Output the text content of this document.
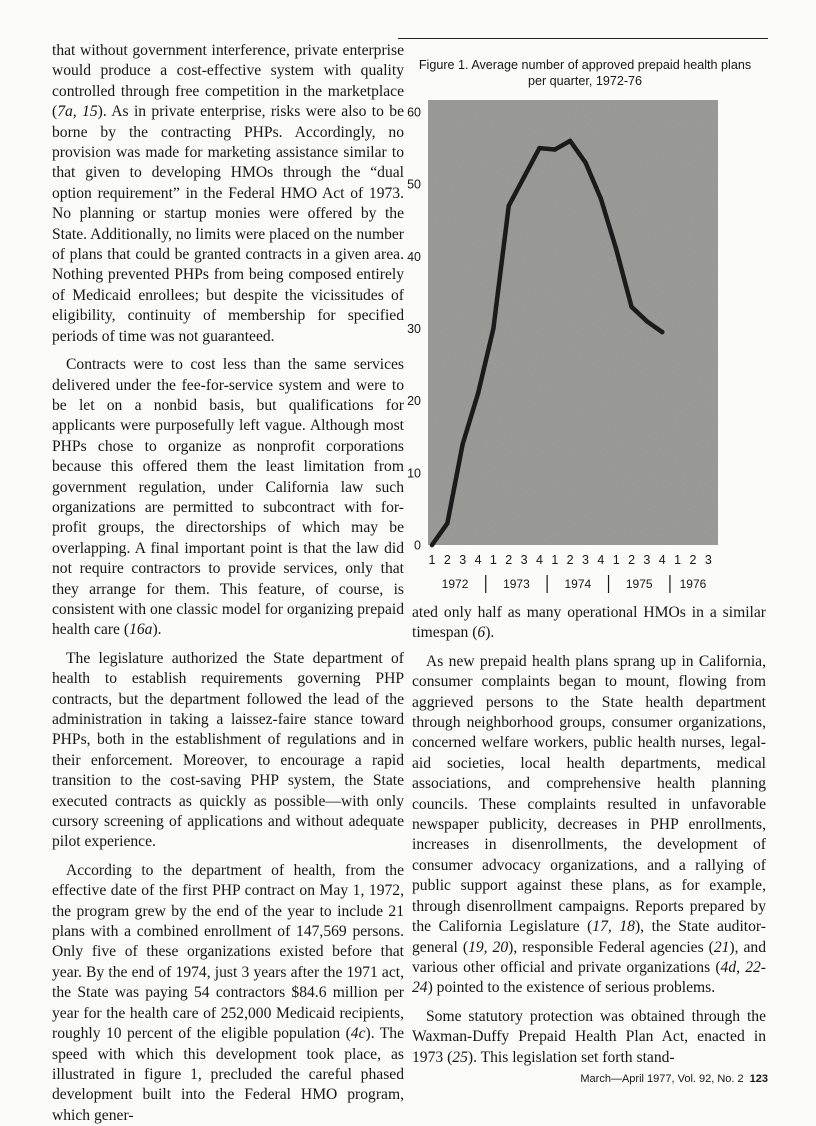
Figure 1. Average number of approved prepaid health plans
per quarter, 1972-76
0
10
20
30
40
50
60
1 2 3 4 1 2 3 4 1 2 3 4 1 2 3 4 1 2 3
1972	1973	1974	1975 1976

that without government interference, private enterprise would produce a cost-effective system with quality controlled through free competition in the marketplace (7a, 15). As in private enterprise, risks were also to be borne by the contracting PHPs. Accordingly, no provision was made for marketing assistance similar to that given to developing HMOs through the “dual option requirement” in the Federal HMO Act of 1973. No planning or startup monies were offered by the State. Additionally, no limits were placed on the number of plans that could be granted contracts in a given area. Nothing prevented PHPs from being composed entirely of Medicaid enrollees; but despite the vicissitudes of eligibility, continuity of membership for specified periods of time was not guaranteed.

Contracts were to cost less than the same services delivered under the fee-for-service system and were to be let on a nonbid basis, but qualifications for applicants were purposefully left vague. Although most PHPs chose to organize as nonprofit corporations because this offered them the least limitation from government regulation, under California law such organizations are permitted to subcontract with for-profit groups, the directorships of which may be overlapping. A final important point is that the law did not require contractors to provide services, only that they arrange for them. This feature, of course, is consistent with one classic model for organizing prepaid health care (16a).

The legislature authorized the State department of health to establish requirements governing PHP contracts, but the department followed the lead of the administration in taking a laissez-faire stance toward PHPs, both in the establishment of regulations and in their enforcement. Moreover, to encourage a rapid transition to the cost-saving PHP system, the State executed contracts as quickly as possible—with only cursory screening of applications and without adequate pilot experience.

According to the department of health, from the effective date of the first PHP contract on May 1, 1972, the program grew by the end of the year to include 21 plans with a combined enrollment of 147,569 persons. Only five of these organizations existed before that year. By the end of 1974, just 3 years after the 1971 act, the State was paying 54 contractors $84.6 million per year for the health care of 252,000 Medicaid recipients, roughly 10 percent of the eligible population (4c). The speed with which this development took place, as illustrated in figure 1, precluded the careful phased development built into the Federal HMO program, which gener-

ated only half as many operational HMOs in a similar timespan (6).

As new prepaid health plans sprang up in California, consumer complaints began to mount, flowing from aggrieved persons to the State health department through neighborhood groups, consumer organizations, concerned welfare workers, public health nurses, legal-aid societies, local health departments, medical associations, and comprehensive health planning councils. These complaints resulted in unfavorable newspaper publicity, decreases in PHP enrollments, increases in disenrollments, the development of consumer advocacy organizations, and a rallying of public support against these plans, as for example, through disenrollment campaigns. Reports prepared by the California Legislature (17, 18), the State auditor-general (19, 20), responsible Federal agencies (21), and various other official and private organizations (4d, 22-24) pointed to the existence of serious problems.

Some statutory protection was obtained through the Waxman-Duffy Prepaid Health Plan Act, enacted in 1973 (25). This legislation set forth stand-

March—April 1977, Vol. 92, No. 2 123
